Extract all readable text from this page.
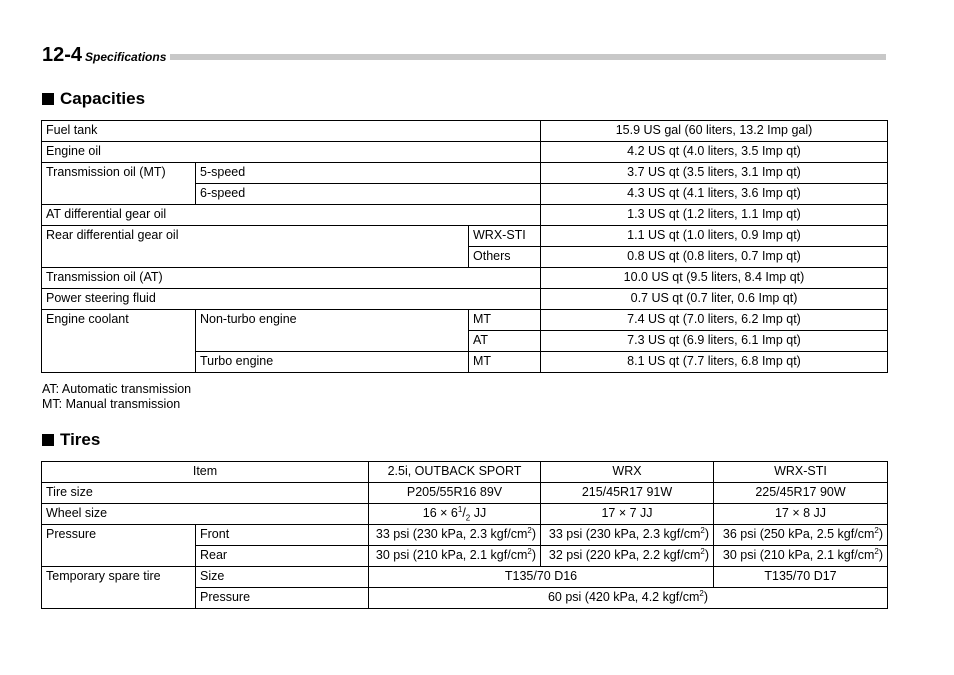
12-4 Specifications
Capacities
Fuel tank			15.9 US gal (60 liters, 13.2 Imp gal)
Engine oil			4.2 US qt (4.0 liters, 3.5 Imp qt)
Transmission oil (MT)	5-speed		3.7 US qt (3.5 liters, 3.1 Imp qt)
	6-speed		4.3 US qt (4.1 liters, 3.6 Imp qt)
AT differential gear oil			1.3 US qt (1.2 liters, 1.1 Imp qt)
Rear differential gear oil		WRX-STI	1.1 US qt (1.0 liters, 0.9 Imp qt)
		Others	0.8 US qt (0.8 liters, 0.7 Imp qt)
Transmission oil (AT)			10.0 US qt (9.5 liters, 8.4 Imp qt)
Power steering fluid			0.7 US qt (0.7 liter, 0.6 Imp qt)
Engine coolant	Non-turbo engine	MT	7.4 US qt (7.0 liters, 6.2 Imp qt)
		AT	7.3 US qt (6.9 liters, 6.1 Imp qt)
	Turbo engine	MT	8.1 US qt (7.7 liters, 6.8 Imp qt)
AT: Automatic transmission
MT: Manual transmission
Tires
Item		2.5i, OUTBACK SPORT	WRX	WRX-STI
Tire size		P205/55R16 89V	215/45R17 91W	225/45R17 90W
Wheel size		$16 \times 6^1/_2$ JJ	17 × 7 JJ	17 × 8 JJ
Pressure	Front	33 psi (230 kPa, 2.3 kgf/$cm^2$)	33 psi (230 kPa, 2.3 kgf/$cm^2$)	36 psi (250 kPa, 2.5 kgf/$cm^2$)
	Rear	30 psi (210 kPa, 2.1 kgf/$cm^2$)	32 psi (220 kPa, 2.2 kgf/$cm^2$)	30 psi (210 kPa, 2.1 kgf/$cm^2$)
Temporary spare tire	Size	T135/70 D16		T135/70 D17
	Pressure	60 psi (420 kPa, 4.2 kgf/$cm^2$)		
